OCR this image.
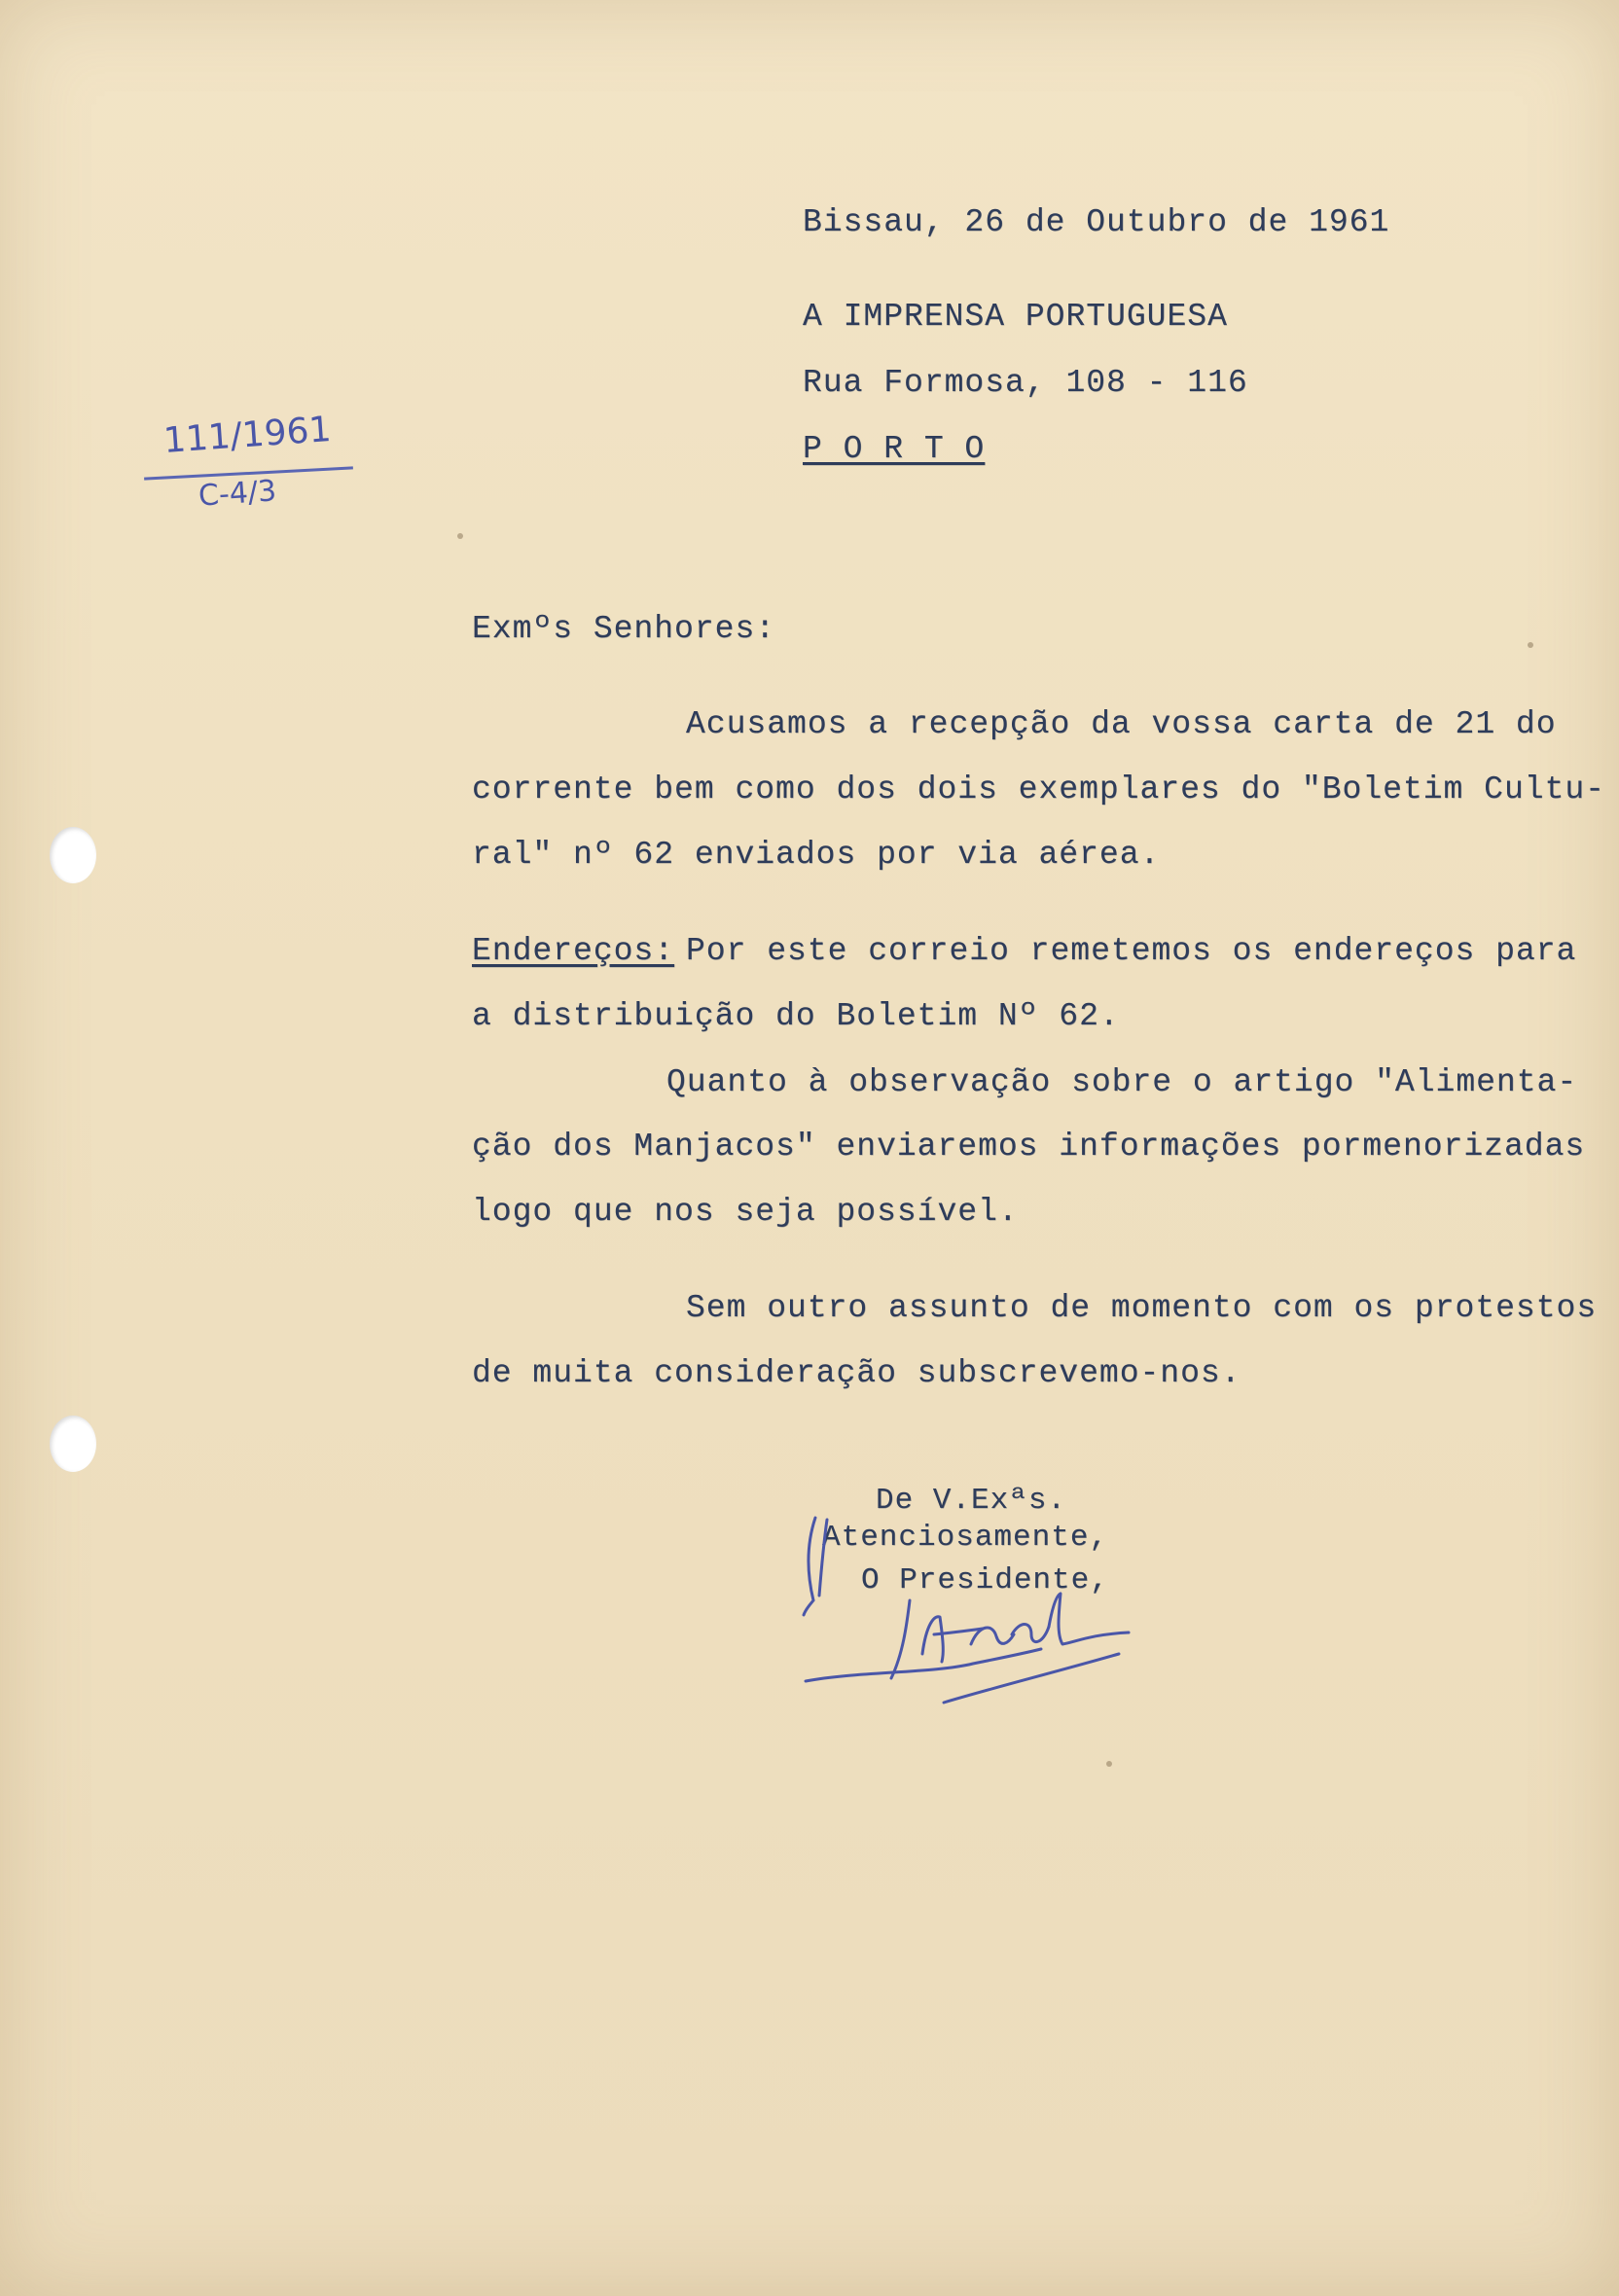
Bissau, 26 de Outubro de 1961
A IMPRENSA PORTUGUESA
Rua Formosa, 108 - 116
P O R T O
111/1961
C-4/3
Exmºs Senhores:
Acusamos a recepção da vossa carta de 21 do
corrente bem como dos dois exemplares do "Boletim Cultu-
ral" nº 62 enviados por via aérea.
Endereços: Por este correio remetemos os endereços para
a distribuição do Boletim Nº 62.
Quanto à observação sobre o artigo "Alimenta-
ção dos Manjacos" enviaremos informações pormenorizadas
logo que nos seja possível.
Sem outro assunto de momento com os protestos
de muita consideração subscrevemo-nos.
De V.Exªs.
Atenciosamente,
O Presidente,
